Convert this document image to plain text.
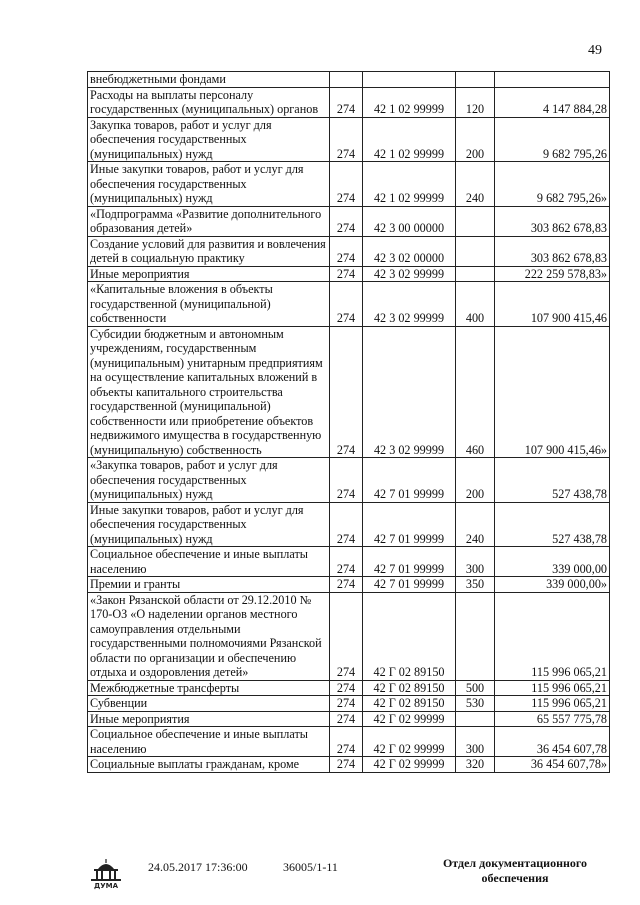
49
внебюджетными фондами				
Расходы на выплаты персоналу государственных (муниципальных) органов	274	42 1 02 99999	120	4 147 884,28
Закупка товаров, работ и услуг для обеспечения государственных (муниципальных) нужд	274	42 1 02 99999	200	9 682 795,26
Иные закупки товаров, работ и услуг для обеспечения государственных (муниципальных) нужд	274	42 1 02 99999	240	9 682 795,26»
«Подпрограмма «Развитие дополнительного образования детей»	274	42 3 00 00000		303 862 678,83
Создание условий для развития и вовлечения детей в социальную практику	274	42 3 02 00000		303 862 678,83
Иные мероприятия	274	42 3 02 99999		222 259 578,83»
«Капитальные вложения в объекты государственной (муниципальной) собственности	274	42 3 02 99999	400	107 900 415,46
Субсидии бюджетным и автономным учреждениям, государственным (муниципальным) унитарным предприятиям на осуществление капитальных вложений в объекты капитального строительства государственной (муниципальной) собственности или приобретение объектов недвижимого имущества в государственную (муниципальную) собственность	274	42 3 02 99999	460	107 900 415,46»
«Закупка товаров, работ и услуг для обеспечения государственных (муниципальных) нужд	274	42 7 01 99999	200	527 438,78
Иные закупки товаров, работ и услуг для обеспечения государственных (муниципальных) нужд	274	42 7 01 99999	240	527 438,78
Социальное обеспечение и иные выплаты населению	274	42 7 01 99999	300	339 000,00
Премии и гранты	274	42 7 01 99999	350	339 000,00»
«Закон Рязанской области от 29.12.2010 № 170-ОЗ «О наделении органов местного самоуправления отдельными государственными полномочиями Рязанской области по организации и обеспечению отдыха и оздоровления детей»	274	42 Г 02 89150		115 996 065,21
Межбюджетные трансферты	274	42 Г 02 89150	500	115 996 065,21
Субвенции	274	42 Г 02 89150	530	115 996 065,21
Иные мероприятия	274	42 Г 02 99999		65 557 775,78
Социальное обеспечение и иные выплаты населению	274	42 Г 02 99999	300	36 454 607,78
Социальные выплаты гражданам, кроме	274	42 Г 02 99999	320	36 454 607,78»
ДУМА
24.05.2017 17:36:00	36005/1-11	Отдел документационного обеспечения
